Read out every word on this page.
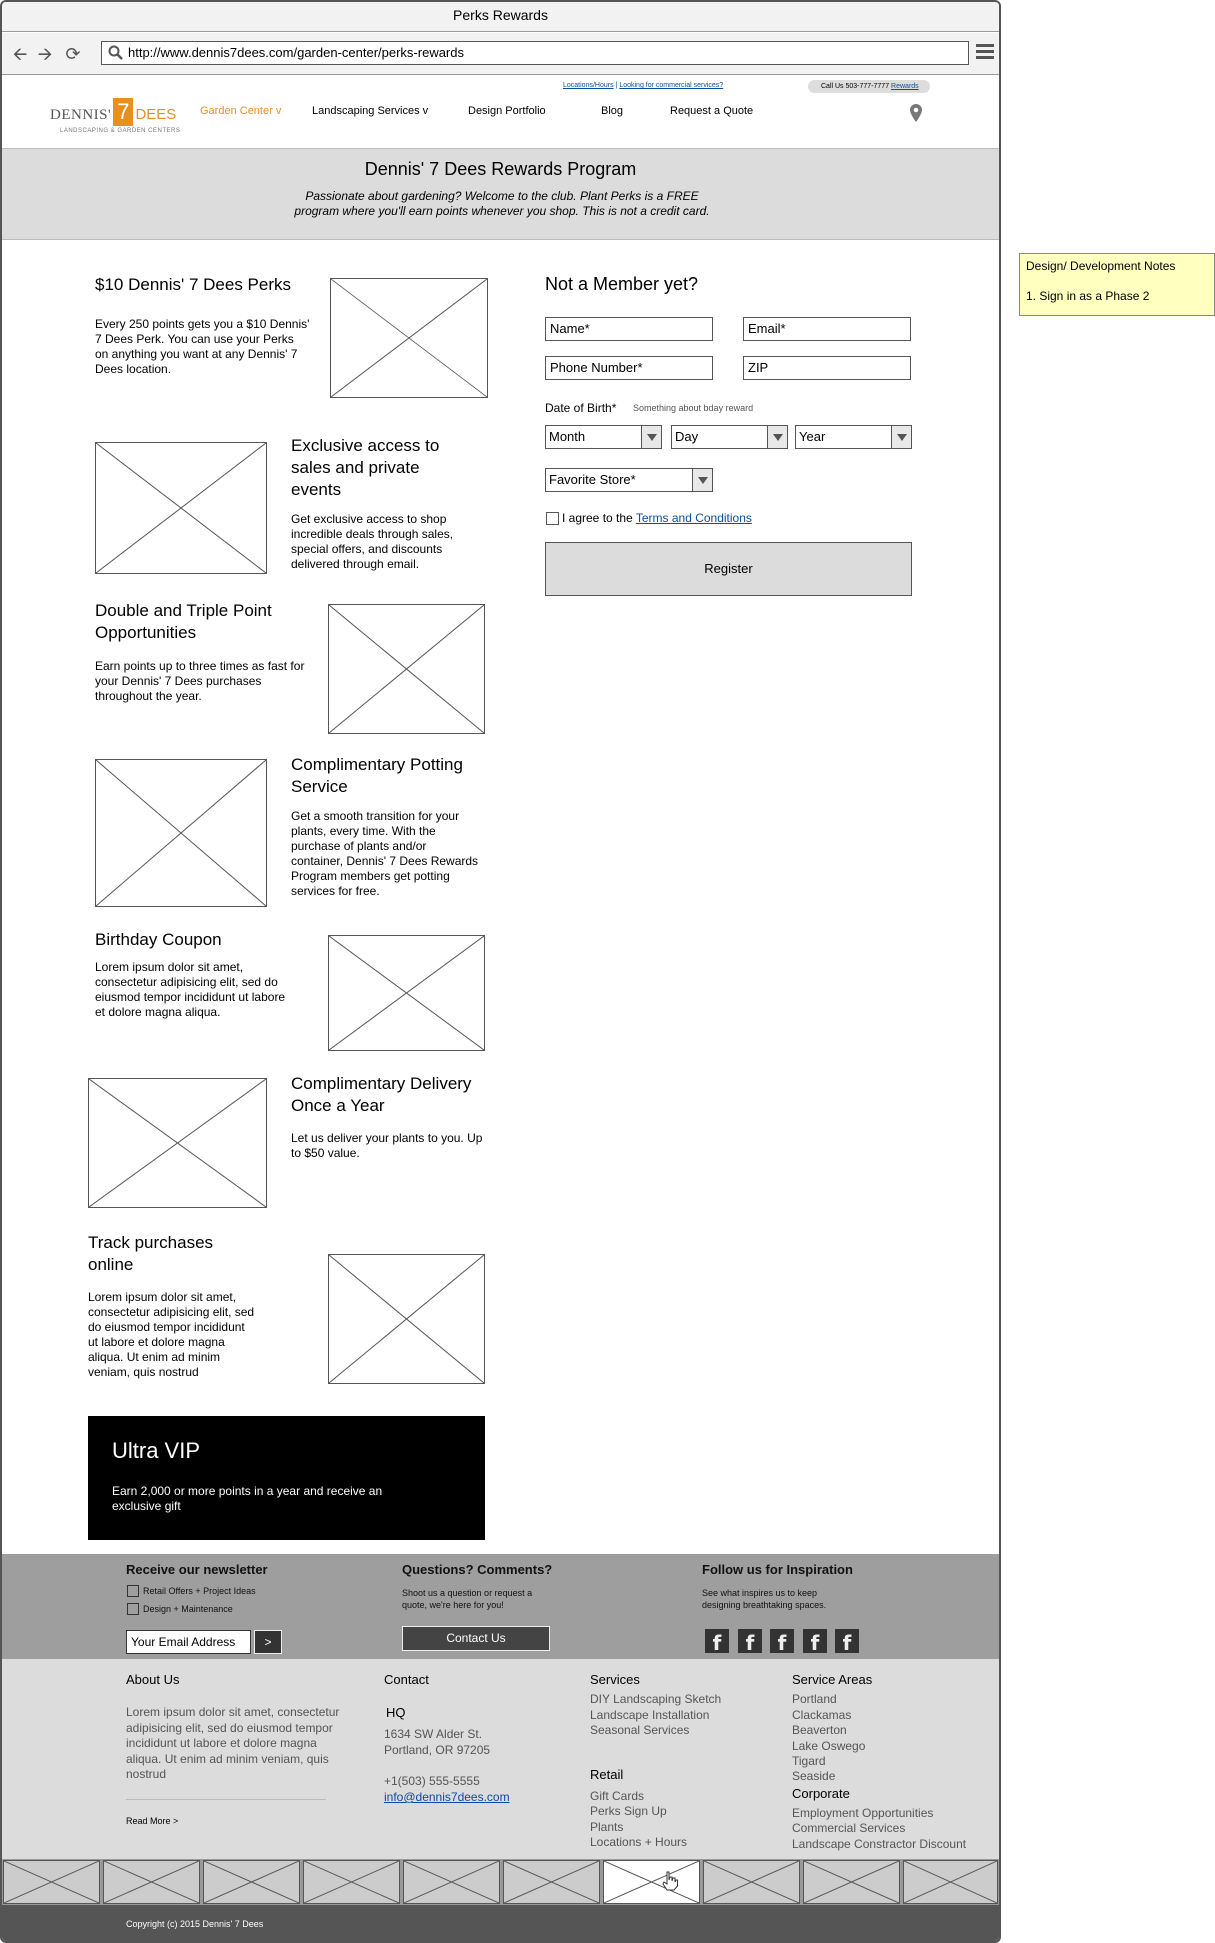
Perks Rewards
🡨 🡪 ⟳	http://www.dennis7dees.com/garden-center/perks-rewards
DENNIS' 7 DEES
LANDSCAPING & GARDEN CENTERS
Locations/Hours | Looking for commercial services?	Call Us 503-777-7777 Rewards
Garden Center v	Landscaping Services v	Design Portfolio	Blog	Request a Quote
Dennis' 7 Dees Rewards Program

Passionate about gardening? Welcome to the club. Plant Perks is a FREE program where you'll earn points whenever you shop. This is not a credit card.

$10 Dennis' 7 Dees Perks
Every 250 points gets you a $10 Dennis' 7 Dees Perk. You can use your Perks on anything you want at any Dennis' 7 Dees location.
Exclusive access to sales and private events
Get exclusive access to shop incredible deals through sales, special offers, and discounts delivered through email.
Double and Triple Point Opportunities
Earn points up to three times as fast for your Dennis' 7 Dees purchases throughout the year.
Complimentary Potting Service
Get a smooth transition for your plants, every time. With the purchase of plants and/or container, Dennis' 7 Dees Rewards Program members get potting services for free.
Birthday Coupon
Lorem ipsum dolor sit amet, consectetur adipisicing elit, sed do eiusmod tempor incididunt ut labore et dolore magna aliqua.
Complimentary Delivery Once a Year
Let us deliver your plants to you. Up to $50 value.
Track purchases online
Lorem ipsum dolor sit amet, consectetur adipisicing elit, sed do eiusmod tempor incididunt ut labore et dolore magna aliqua. Ut enim ad minim veniam, quis nostrud
Ultra VIP
Earn 2,000 or more points in a year and receive an exclusive gift
Not a Member yet?
Name*	Email*
Phone Number*	ZIP
Date of Birth* Something about bday reward
Month	Day	Year
Favorite Store*
I agree to the Terms and Conditions
Register
Receive our newsletter
Retail Offers + Project Ideas
Design + Maintenance
Your Email Address	>
Questions? Comments?
Shoot us a question or request a quote, we're here for you!
Contact Us
Follow us for Inspiration
See what inspires us to keep designing breathtaking spaces.
f	f	f	f	f
About Us
Lorem ipsum dolor sit amet, consectetur adipisicing elit, sed do eiusmod tempor incididunt ut labore et dolore magna aliqua. Ut enim ad minim veniam, quis nostrud
Read More >
Contact
HQ
1634 SW Alder St.
Portland, OR 97205
+1(503) 555-5555
info@dennis7dees.com
Services
DIY Landscaping Sketch
Landscape Installation
Seasonal Services
Retail
Gift Cards
Perks Sign Up
Plants
Locations + Hours
Service Areas
Portland
Clackamas
Beaverton
Lake Oswego
Tigard
Seaside
Corporate
Employment Opportunities
Commercial Services
Landscape Constractor Discount
Copyright (c) 2015 Dennis' 7 Dees
Design/ Development Notes
1. Sign in as a Phase 2
